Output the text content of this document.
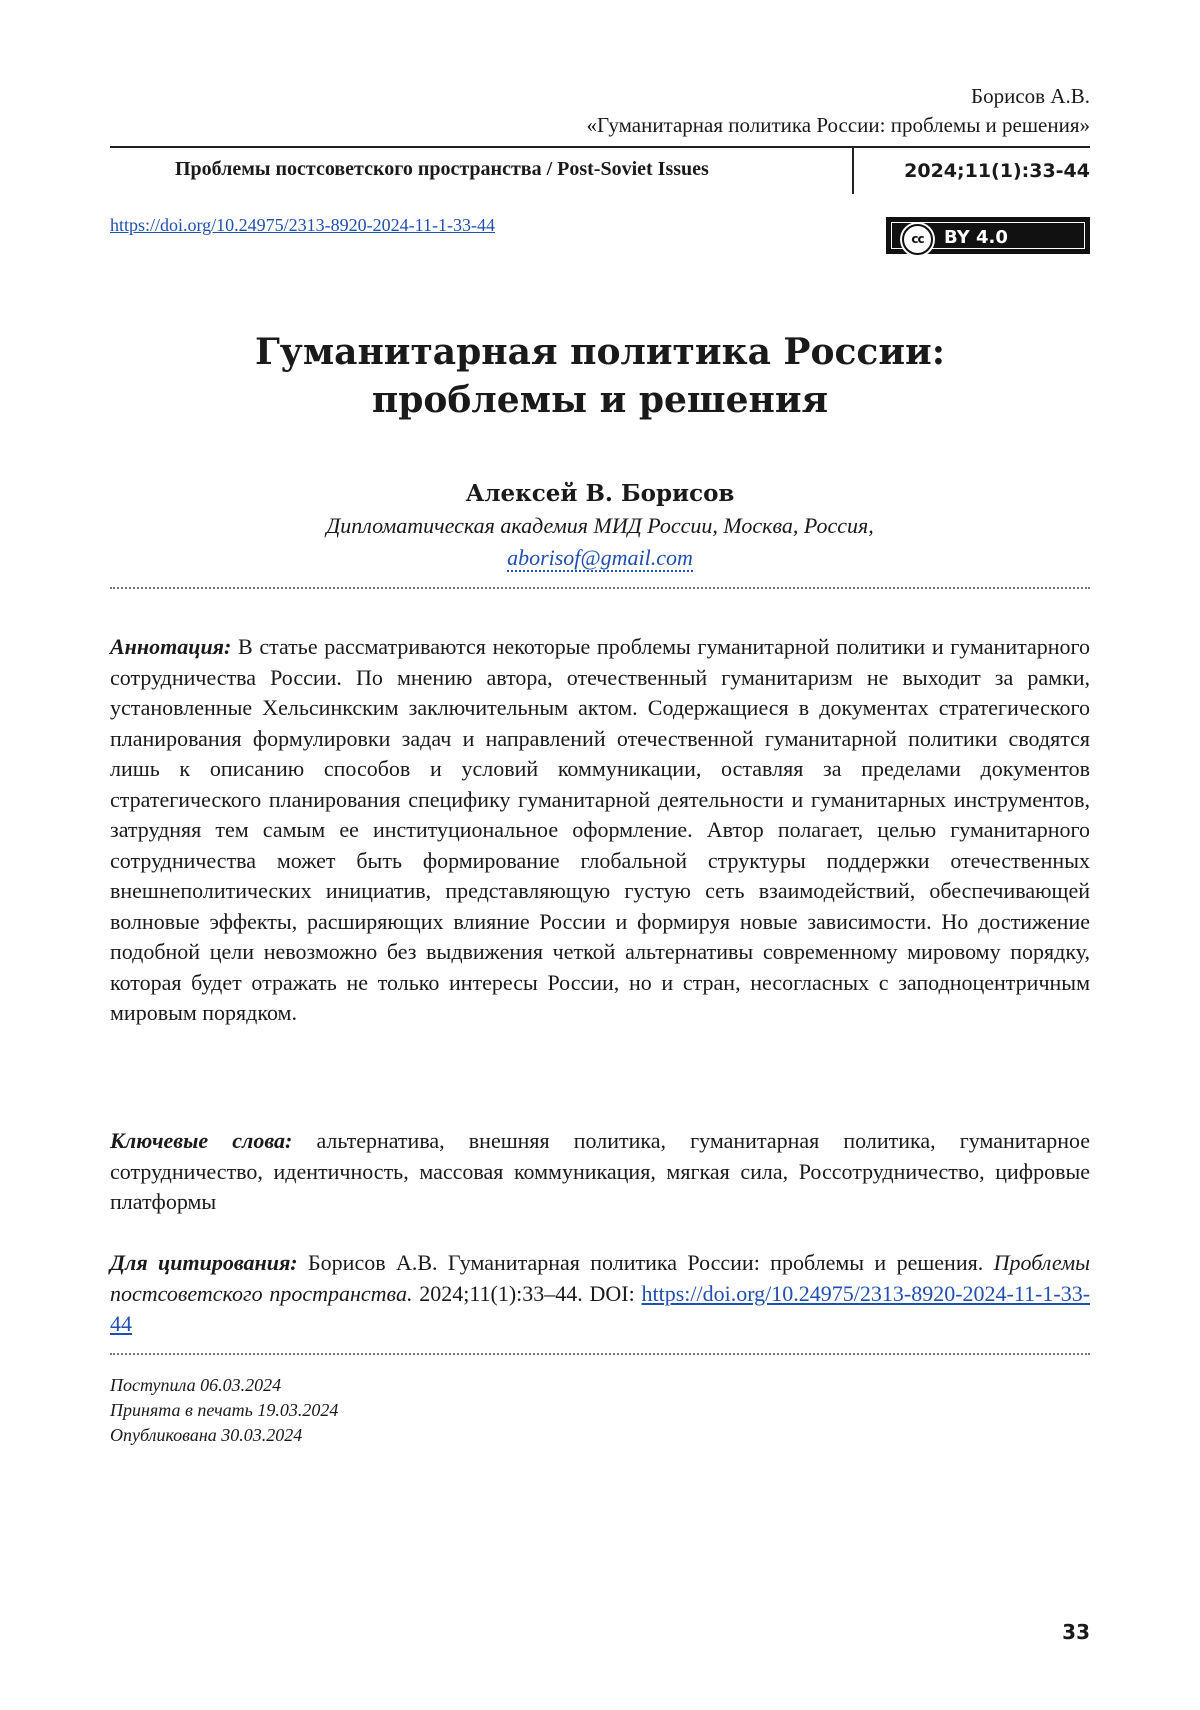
Борисов А.В.
«Гуманитарная политика России: проблемы и решения»
Проблемы постсоветского пространства / Post-Soviet Issues	2024;11(1):33-44
https://doi.org/10.24975/2313-8920-2024-11-1-33-44
cc	BY 4.0
Гуманитарная политика России:
проблемы и решения
Алексей В. Борисов
Дипломатическая академия МИД России, Москва, Россия,
aborisof@gmail.com
Аннотация: В статье рассматриваются некоторые проблемы гуманитарной политики и гуманитарного сотрудничества России. По мнению автора, отечественный гуманитаризм не выходит за рамки, установленные Хельсинкским заключительным актом. Содержащиеся в документах стратегического планирования формулировки задач и направлений отечественной гуманитарной политики сводятся лишь к описанию способов и условий коммуникации, оставляя за пределами документов стратегического планирования специфику гуманитарной деятельности и гуманитарных инструментов, затрудняя тем самым ее институциональное оформление. Автор полагает, целью гуманитарного сотрудничества может быть формирование глобальной структуры поддержки отечественных внешнеполитических инициатив, представляющую густую сеть взаимодействий, обеспечивающей волновые эффекты, расширяющих влияние России и формируя новые зависимости. Но достижение подобной цели невозможно без выдвижения четкой альтернативы современному мировому порядку, которая будет отражать не только интересы России, но и стран, несогласных с заподноцентричным мировым порядком.
Ключевые слова: альтернатива, внешняя политика, гуманитарная политика, гуманитарное сотрудничество, идентичность, массовая коммуникация, мягкая сила, Россотрудничество, цифровые платформы
Для цитирования: Борисов А.В. Гуманитарная политика России: проблемы и решения. Проблемы постсоветского пространства. 2024;11(1):33–44. DOI: https://doi.org/10.24975/2313-8920-2024-11-1-33-44
Поступила 06.03.2024
Принята в печать 19.03.2024
Опубликована 30.03.2024
33
